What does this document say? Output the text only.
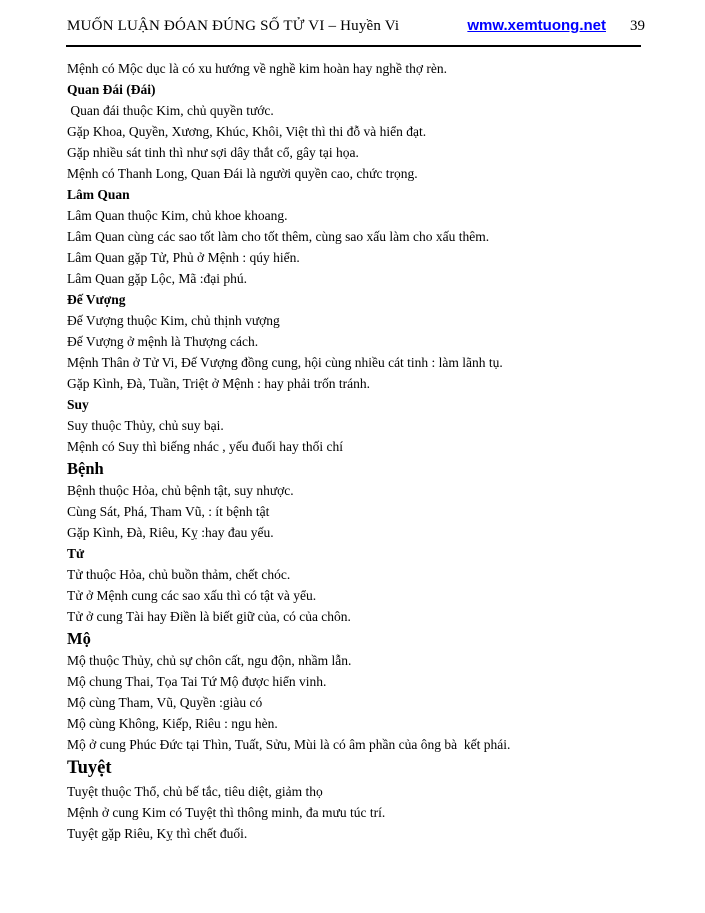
MUỐN LUẬN ĐÓAN ĐÚNG SỐ TỬ VI – Huyền Vi	wmw.xemtuong.net 39
Mệnh có Mộc dục là có xu hướng về nghề kim hoàn hay nghề thợ rèn.
Quan Đái (Đái)
Quan đái thuộc Kim, chủ quyền tước.
Gặp Khoa, Quyền, Xương, Khúc, Khôi, Việt thì thi đỗ và hiển đạt.
Gặp nhiều sát tinh thì như sợi dây thắt cổ, gây tại họa.
Mệnh có Thanh Long, Quan Đái là người quyền cao, chức trọng.
Lâm Quan
Lâm Quan thuộc Kim, chủ khoe khoang.
Lâm Quan cùng các sao tốt làm cho tốt thêm, cùng sao xấu làm cho xấu thêm.
Lâm Quan gặp Tử, Phủ ở Mệnh : qúy hiển.
Lâm Quan gặp Lộc, Mã :đại phú.
Đế Vượng
Đế Vượng thuộc Kim, chủ thịnh vượng
Đế Vượng ở mệnh là Thượng cách.
Mệnh Thân ở Tử Vi, Đế Vượng đồng cung, hội cùng nhiều cát tinh : làm lãnh tụ.
Gặp Kình, Đà, Tuần, Triệt ở Mệnh : hay phải trốn tránh.
Suy
Suy thuộc Thủy, chủ suy bại.
Mệnh có Suy thì biếng nhác , yếu đuối hay thối chí
Bệnh
Bệnh thuộc Hỏa, chủ bệnh tật, suy nhược.
Cùng Sát, Phá, Tham Vũ, : ít bệnh tật
Gặp Kình, Đà, Riêu, Kỵ :hay đau yếu.
Tử
Tử thuộc Hỏa, chủ buồn thảm, chết chóc.
Tử ở Mệnh cung các sao xấu thì có tật và yểu.
Tử ở cung Tài hay Điền là biết giữ của, có của chôn.
Mộ
Mộ thuộc Thủy, chủ sự chôn cất, ngu độn, nhầm lẫn.
Mộ chung Thai, Tọa Tai Tứ Mộ được hiển vinh.
Mộ cùng Tham, Vũ, Quyền :giàu có
Mộ cùng Không, Kiếp, Riêu : ngu hèn.
Mộ ở cung Phúc Đức tại Thìn, Tuất, Sửu, Mùi là có âm phần của ông bà  kết phái.
Tuyệt
Tuyệt thuộc Thổ, chủ bế tắc, tiêu diệt, giảm thọ
Mệnh ở cung Kim có Tuyệt thì thông minh, đa mưu túc trí.
Tuyệt gặp Riêu, Kỵ thì chết đuối.
